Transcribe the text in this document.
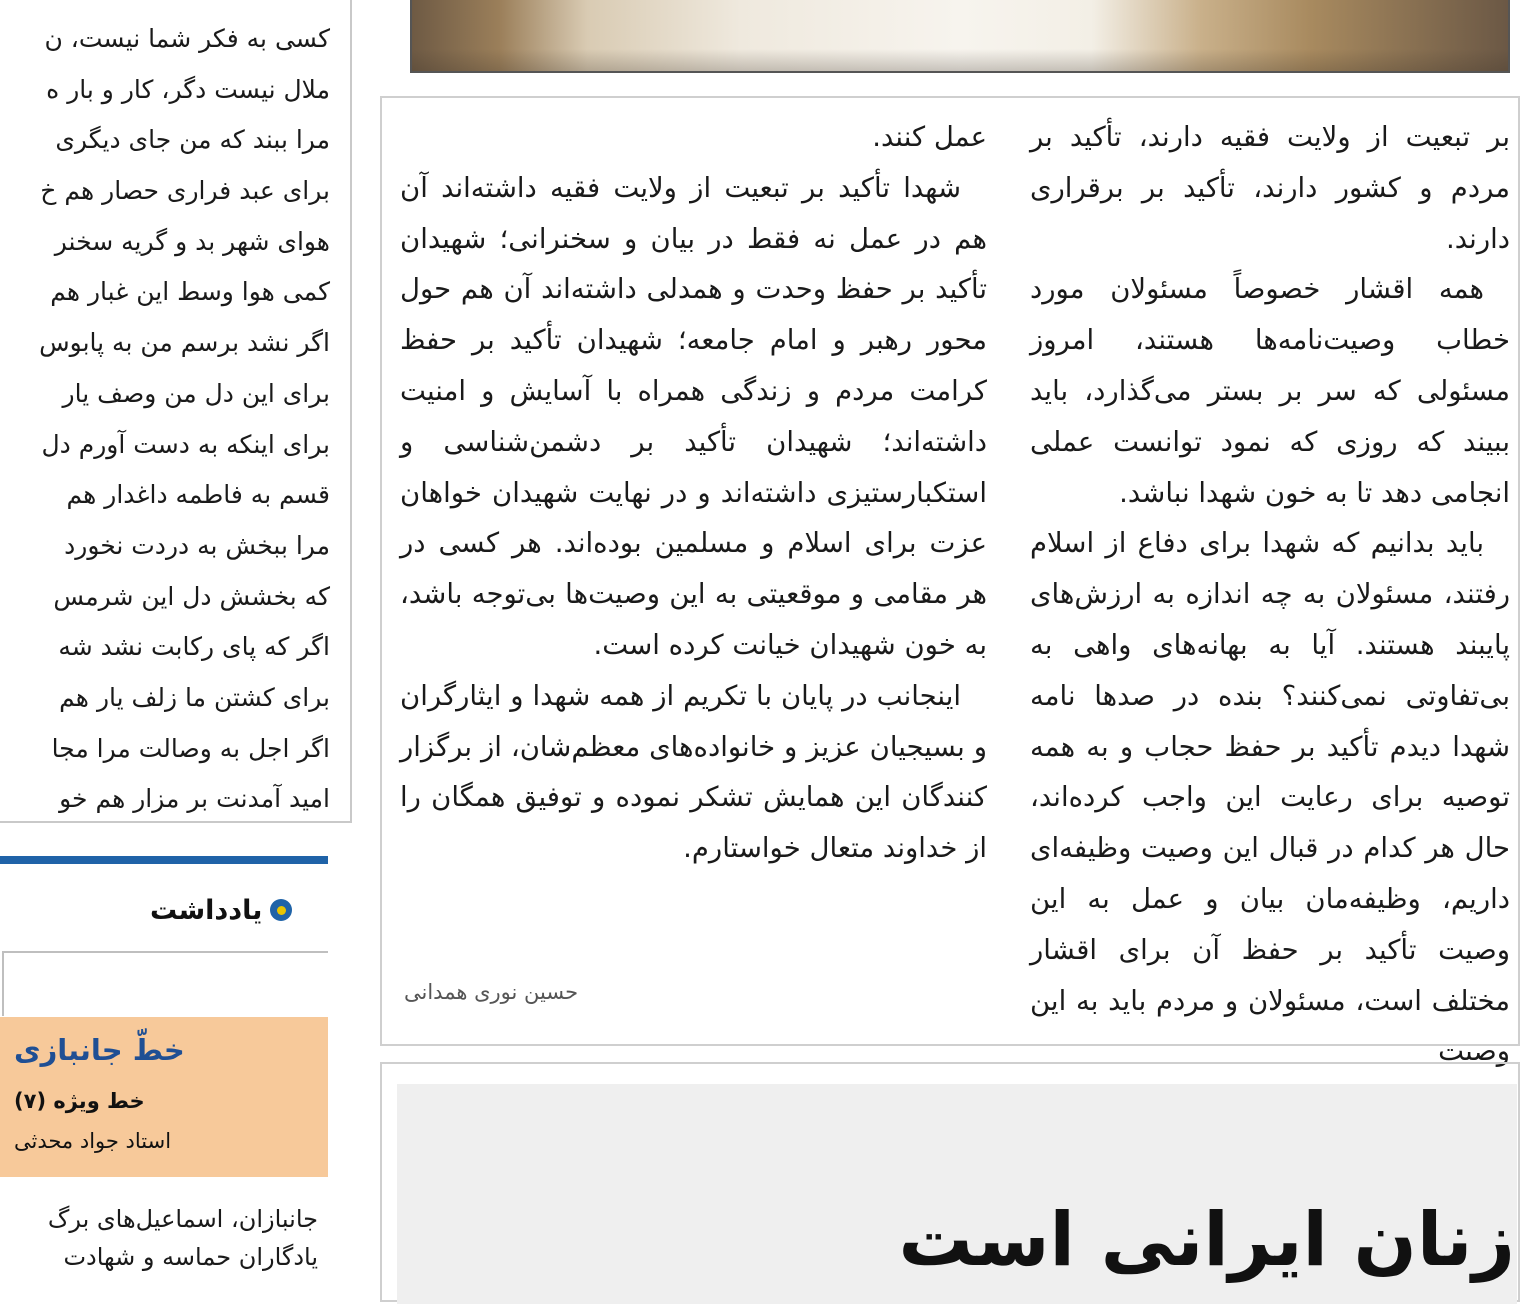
کسی به فکر شما نیست، ن
ملال نیست دگر، کار و بار ه
مرا ببند که من جای دیگری
برای عبد فراری حصار هم خ
هوای شهر بد و گریه سخنر
کمی هوا وسط این غبار هم
اگر نشد برسم من به پابوس
برای این دل من وصف یار
برای اینکه به دست آورم دل
قسم به فاطمه داغدار هم
مرا ببخش به دردت نخورد
که بخشش دل این شرمس
اگر که پای رکابت نشد شه
برای کشتن ما زلف یار هم
اگر اجل به وصالت مرا مجا
امید آمدنت بر مزار هم خو
یادداشت
خطّ جانبازی
خط ویژه (۷)
استاد جواد محدثی
جانبازان، اسماعیل‌های برگ
یادگاران حماسه و شهادت

عمل کنند.

شهدا تأکید بر تبعیت از ولایت فقیه داشته‌اند آن هم در عمل نه فقط در بیان و سخنرانی؛ شهیدان تأکید بر حفظ وحدت و همدلی داشته‌اند آن هم حول محور رهبر و امام جامعه؛ شهیدان تأکید بر حفظ کرامت مردم و زندگی همراه با آسایش و امنیت داشته‌اند؛ شهیدان تأکید بر دشمن‌شناسی و استکبارستیزی داشته‌اند و در نهایت شهیدان خواهان عزت برای اسلام و مسلمین بوده‌اند. هر کسی در هر مقامی و موقعیتی به این وصیت‌ها بی‌توجه باشد، به خون شهیدان خیانت کرده است.

اینجانب در پایان با تکریم از همه شهدا و ایثارگران و بسیجیان عزیز و خانواده‌های معظم‌شان، از برگزار کنندگان این همایش تشکر نموده و توفیق همگان را از خداوند متعال خواستارم.

حسین نوری همدانی

بر تبعیت از ولایت فقیه دارند، تأکید بر مردم و کشور دارند، تأکید بر برقراری دارند.

همه اقشار خصوصاً مسئولان مورد خطاب وصیت‌نامه‌ها هستند، امروز مسئولی که سر بر بستر می‌گذارد، باید ببیند که روزی که نمود توانست عملی انجامی دهد تا به خون شهدا نباشد.

باید بدانیم که شهدا برای دفاع از اسلام رفتند، مسئولان به چه اندازه به ارزش‌های پایبند هستند. آیا به بهانه‌های واهی به بی‌تفاوتی نمی‌کنند؟ بنده در صدها نامه شهدا دیدم تأکید بر حفظ حجاب و به همه توصیه برای رعایت این واجب کرده‌اند، حال هر کدام در قبال این وصیت وظیفه‌ای داریم، وظیفه‌مان بیان و عمل به این وصیت تأکید بر حفظ آن برای اقشار مختلف است، مسئولان و مردم باید به این وصیت

زنان ایرانی است
